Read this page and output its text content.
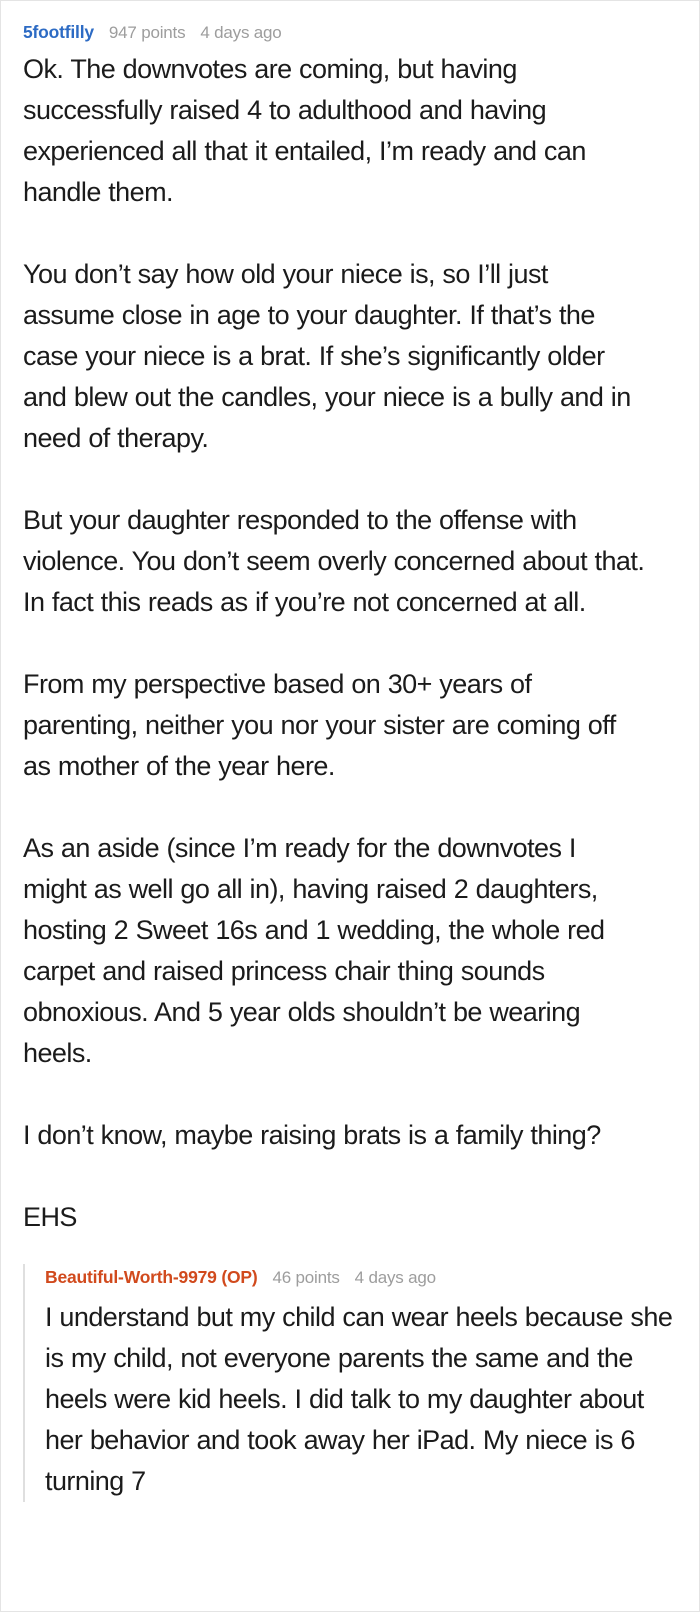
5footfilly 947 points 4 days ago

Ok. The downvotes are coming, but having successfully raised 4 to adulthood and having experienced all that it entailed, I’m ready and can handle them.

You don’t say how old your niece is, so I’ll just assume close in age to your daughter. If that’s the case your niece is a brat. If she’s significantly older and blew out the candles, your niece is a bully and in need of therapy.

But your daughter responded to the offense with violence. You don’t seem overly concerned about that. In fact this reads as if you’re not concerned at all.

From my perspective based on 30+ years of parenting, neither you nor your sister are coming off as mother of the year here.

As an aside (since I’m ready for the downvotes I might as well go all in), having raised 2 daughters, hosting 2 Sweet 16s and 1 wedding, the whole red carpet and raised princess chair thing sounds obnoxious. And 5 year olds shouldn’t be wearing heels.

I don’t know, maybe raising brats is a family thing?

EHS

Beautiful-Worth-9979 (OP) 46 points 4 days ago

I understand but my child can wear heels because she is my child, not everyone parents the same and the heels were kid heels. I did talk to my daughter about her behavior and took away her iPad. My niece is 6 turning 7
